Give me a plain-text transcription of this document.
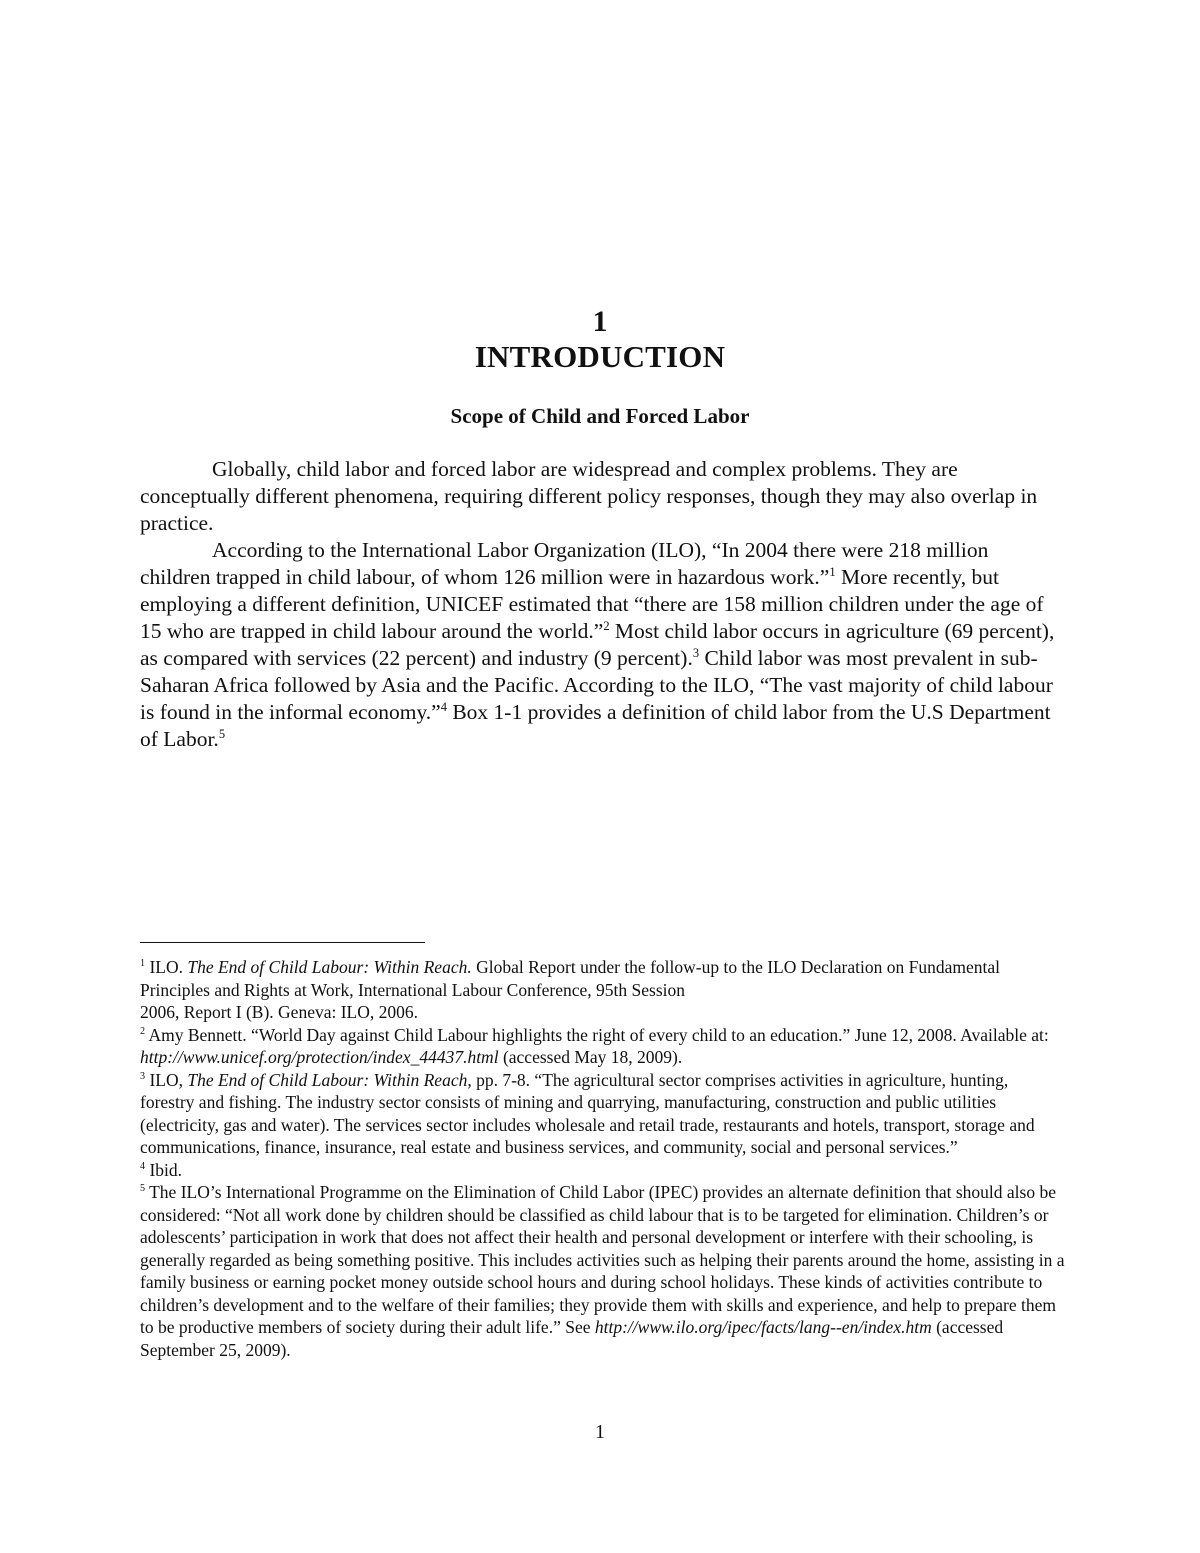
1
INTRODUCTION
Scope of Child and Forced Labor

Globally, child labor and forced labor are widespread and complex problems. They are conceptually different phenomena, requiring different policy responses, though they may also overlap in practice.

According to the International Labor Organization (ILO), “In 2004 there were 218 million children trapped in child labour, of whom 126 million were in hazardous work.”$^1$ More recently, but employing a different definition, UNICEF estimated that “there are 158 million children under the age of 15 who are trapped in child labour around the world.”$^2$ Most child labor occurs in agriculture (69 percent), as compared with services (22 percent) and industry (9 percent).$^3$ Child labor was most prevalent in sub-Saharan Africa followed by Asia and the Pacific. According to the ILO, “The vast majority of child labour is found in the informal economy.”$^4$ Box 1-1 provides a definition of child labor from the U.S Department of Labor.$^5$

$^1$ ILO. The End of Child Labour: Within Reach. Global Report under the follow-up to the ILO Declaration on Fundamental Principles and Rights at Work, International Labour Conference, 95th Session
2006, Report I (B). Geneva: ILO, 2006.

$^2$ Amy Bennett. “World Day against Child Labour highlights the right of every child to an education.” June 12, 2008. Available at: http://www.unicef.org/protection/index_44437.html (accessed May 18, 2009).

$^3$ ILO, The End of Child Labour: Within Reach, pp. 7-8. “The agricultural sector comprises activities in agriculture, hunting, forestry and fishing. The industry sector consists of mining and quarrying, manufacturing, construction and public utilities (electricity, gas and water). The services sector includes wholesale and retail trade, restaurants and hotels, transport, storage and communications, finance, insurance, real estate and business services, and community, social and personal services.”

$^4$ Ibid.

$^5$ The ILO’s International Programme on the Elimination of Child Labor (IPEC) provides an alternate definition that should also be considered: “Not all work done by children should be classified as child labour that is to be targeted for elimination. Children’s or adolescents’ participation in work that does not affect their health and personal development or interfere with their schooling, is generally regarded as being something positive. This includes activities such as helping their parents around the home, assisting in a family business or earning pocket money outside school hours and during school holidays. These kinds of activities contribute to children’s development and to the welfare of their families; they provide them with skills and experience, and help to prepare them to be productive members of society during their adult life.” See http://www.ilo.org/ipec/facts/lang--en/index.htm (accessed September 25, 2009).

1
